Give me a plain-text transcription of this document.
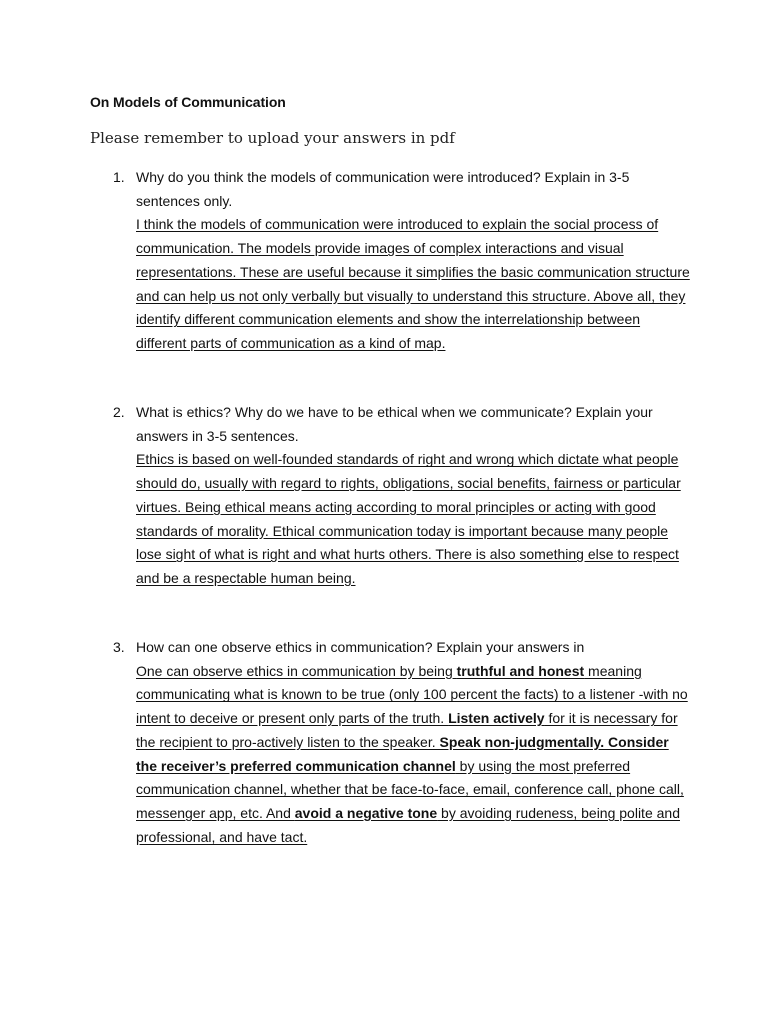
On Models of Communication
Please remember to upload your answers in pdf
1. Why do you think the models of communication were introduced? Explain in 3-5 sentences only.
I think the models of communication were introduced to explain the social process of communication. The models provide images of complex interactions and visual representations. These are useful because it simplifies the basic communication structure and can help us not only verbally but visually to understand this structure. Above all, they identify different communication elements and show the interrelationship between different parts of communication as a kind of map.
2. What is ethics? Why do we have to be ethical when we communicate? Explain your answers in 3-5 sentences.
Ethics is based on well-founded standards of right and wrong which dictate what people should do, usually with regard to rights, obligations, social benefits, fairness or particular virtues. Being ethical means acting according to moral principles or acting with good standards of morality. Ethical communication today is important because many people lose sight of what is right and what hurts others. There is also something else to respect and be a respectable human being.
3. How can one observe ethics in communication? Explain your answers in
One can observe ethics in communication by being truthful and honest meaning communicating what is known to be true (only 100 percent the facts) to a listener -with no intent to deceive or present only parts of the truth. Listen actively for it is necessary for the recipient to pro-actively listen to the speaker. Speak non-judgmentally. Consider the receiver’s preferred communication channel by using the most preferred communication channel, whether that be face-to-face, email, conference call, phone call, messenger app, etc. And avoid a negative tone by avoiding rudeness, being polite and professional, and have tact.
